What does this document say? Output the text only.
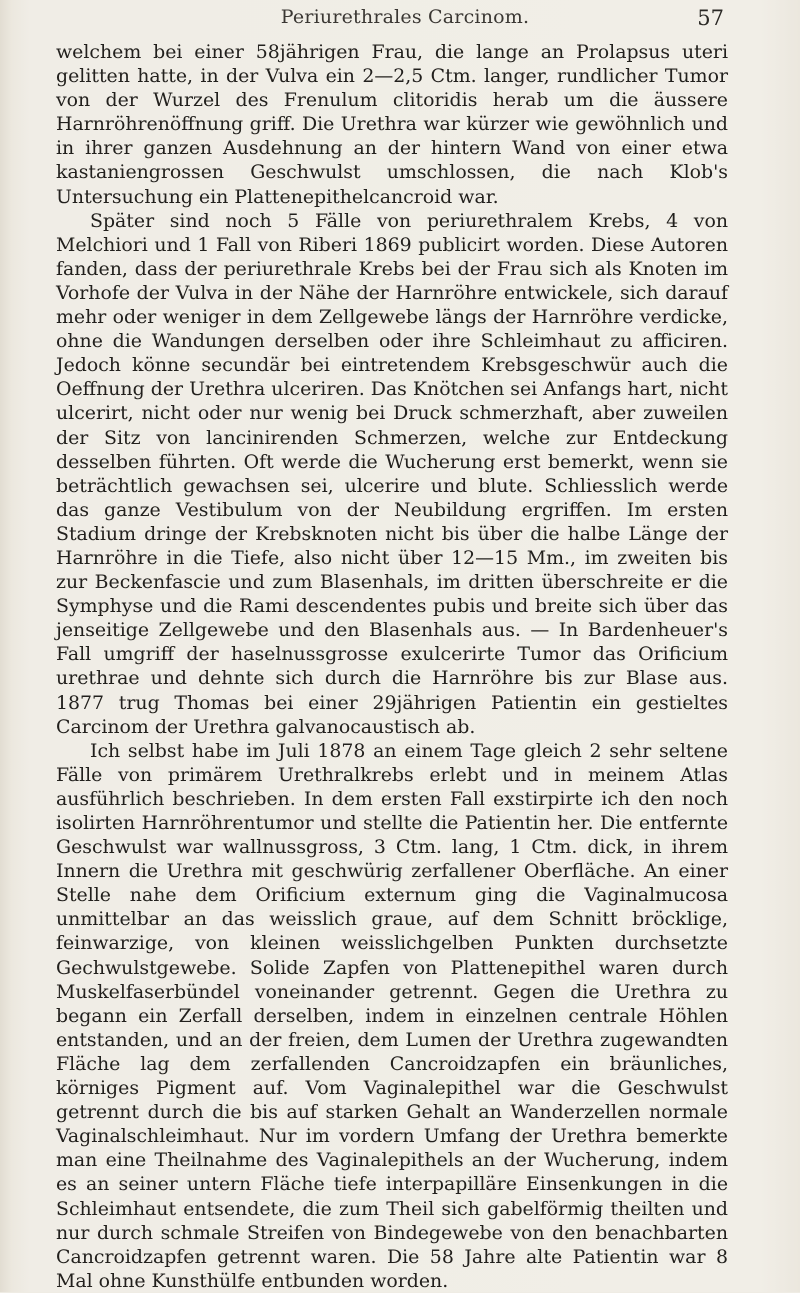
Periurethrales Carcinom.	57

welchem bei einer 58jährigen Frau, die lange an Prolapsus uteri gelitten hatte, in der Vulva ein 2—2,5 Ctm. langer, rundlicher Tumor von der Wurzel des Frenulum clitoridis herab um die äussere Harnröhrenöffnung griff. Die Urethra war kürzer wie gewöhnlich und in ihrer ganzen Ausdehnung an der hintern Wand von einer etwa kastaniengrossen Geschwulst umschlossen, die nach Klob's Untersuchung ein Plattenepithelcancroid war.

Später sind noch 5 Fälle von periurethralem Krebs, 4 von Melchiori und 1 Fall von Riberi 1869 publicirt worden. Diese Autoren fanden, dass der periurethrale Krebs bei der Frau sich als Knoten im Vorhofe der Vulva in der Nähe der Harnröhre entwickele, sich darauf mehr oder weniger in dem Zellgewebe längs der Harnröhre verdicke, ohne die Wandungen derselben oder ihre Schleimhaut zu afficiren. Jedoch könne secundär bei eintretendem Krebsgeschwür auch die Oeffnung der Urethra ulceriren. Das Knötchen sei Anfangs hart, nicht ulcerirt, nicht oder nur wenig bei Druck schmerzhaft, aber zuweilen der Sitz von lancinirenden Schmerzen, welche zur Entdeckung desselben führten. Oft werde die Wucherung erst bemerkt, wenn sie beträchtlich gewachsen sei, ulcerire und blute. Schliesslich werde das ganze Vestibulum von der Neubildung ergriffen. Im ersten Stadium dringe der Krebsknoten nicht bis über die halbe Länge der Harnröhre in die Tiefe, also nicht über 12—15 Mm., im zweiten bis zur Beckenfascie und zum Blasenhals, im dritten überschreite er die Symphyse und die Rami descendentes pubis und breite sich über das jenseitige Zellgewebe und den Blasenhals aus. — In Bardenheuer's Fall umgriff der haselnussgrosse exulcerirte Tumor das Orificium urethrae und dehnte sich durch die Harnröhre bis zur Blase aus. 1877 trug Thomas bei einer 29jährigen Patientin ein gestieltes Carcinom der Urethra galvanocaustisch ab.

Ich selbst habe im Juli 1878 an einem Tage gleich 2 sehr seltene Fälle von primärem Urethralkrebs erlebt und in meinem Atlas ausführlich beschrieben. In dem ersten Fall exstirpirte ich den noch isolirten Harnröhrentumor und stellte die Patientin her. Die entfernte Geschwulst war wallnussgross, 3 Ctm. lang, 1 Ctm. dick, in ihrem Innern die Urethra mit geschwürig zerfallener Oberfläche. An einer Stelle nahe dem Orificium externum ging die Vaginalmucosa unmittelbar an das weisslich graue, auf dem Schnitt bröcklige, feinwarzige, von kleinen weisslichgelben Punkten durchsetzte Gechwulstgewebe. Solide Zapfen von Plattenepithel waren durch Muskelfaserbündel voneinander getrennt. Gegen die Urethra zu begann ein Zerfall derselben, indem in einzelnen centrale Höhlen entstanden, und an der freien, dem Lumen der Urethra zugewandten Fläche lag dem zerfallenden Cancroidzapfen ein bräunliches, körniges Pigment auf. Vom Vaginalepithel war die Geschwulst getrennt durch die bis auf starken Gehalt an Wanderzellen normale Vaginalschleimhaut. Nur im vordern Umfang der Urethra bemerkte man eine Theilnahme des Vaginalepithels an der Wucherung, indem es an seiner untern Fläche tiefe interpapilläre Einsenkungen in die Schleimhaut entsendete, die zum Theil sich gabelförmig theilten und nur durch schmale Streifen von Bindegewebe von den benachbarten Cancroidzapfen getrennt waren. Die 58 Jahre alte Patientin war 8 Mal ohne Kunsthülfe entbunden worden.
